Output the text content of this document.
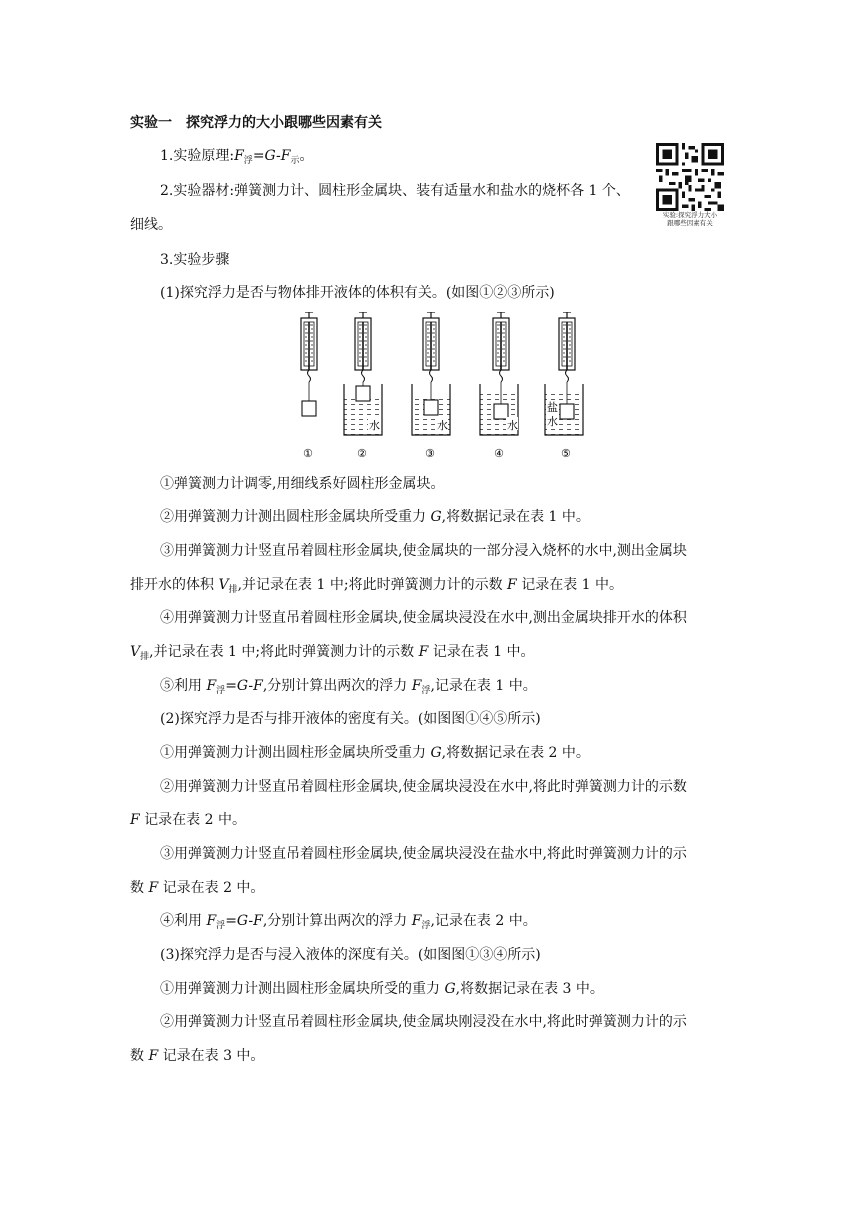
实验一　探究浮力的大小跟哪些因素有关
1.实验原理$:F_浮=G-F_示$。
2.实验器材:弹簧测力计、圆柱形金属块、装有适量水和盐水的烧杯各 1 个、
细线。
实验:探究浮力大小
跟哪些因素有关
3.实验步骤
(1)探究浮力是否与物体排开液体的体积有关。(如图①②③所示)
水	水	水
盐
水
①	②	③	④	⑤
①弹簧测力计调零,用细线系好圆柱形金属块。
②用弹簧测力计测出圆柱形金属块所受重力 G,将数据记录在表 1 中。
③用弹簧测力计竖直吊着圆柱形金属块,使金属块的一部分浸入烧杯的水中,测出金属块
排开水的体积 $V_排$,并记录在表 1 中;将此时弹簧测力计的示数 F 记录在表 1 中。
④用弹簧测力计竖直吊着圆柱形金属块,使金属块浸没在水中,测出金属块排开水的体积
$V_排$,并记录在表 1 中;将此时弹簧测力计的示数 F 记录在表 1 中。
⑤利用 $F_浮=G-F$,分别计算出两次的浮力 $F_浮$,记录在表 1 中。
(2)探究浮力是否与排开液体的密度有关。(如图图①④⑤所示)
①用弹簧测力计测出圆柱形金属块所受重力 G,将数据记录在表 2 中。
②用弹簧测力计竖直吊着圆柱形金属块,使金属块浸没在水中,将此时弹簧测力计的示数
F 记录在表 2 中。
③用弹簧测力计竖直吊着圆柱形金属块,使金属块浸没在盐水中,将此时弹簧测力计的示
数 F 记录在表 2 中。
④利用 $F_浮=G-F$,分别计算出两次的浮力 $F_浮$,记录在表 2 中。
(3)探究浮力是否与浸入液体的深度有关。(如图图①③④所示)
①用弹簧测力计测出圆柱形金属块所受的重力 G,将数据记录在表 3 中。
②用弹簧测力计竖直吊着圆柱形金属块,使金属块刚浸没在水中,将此时弹簧测力计的示
数 F 记录在表 3 中。
